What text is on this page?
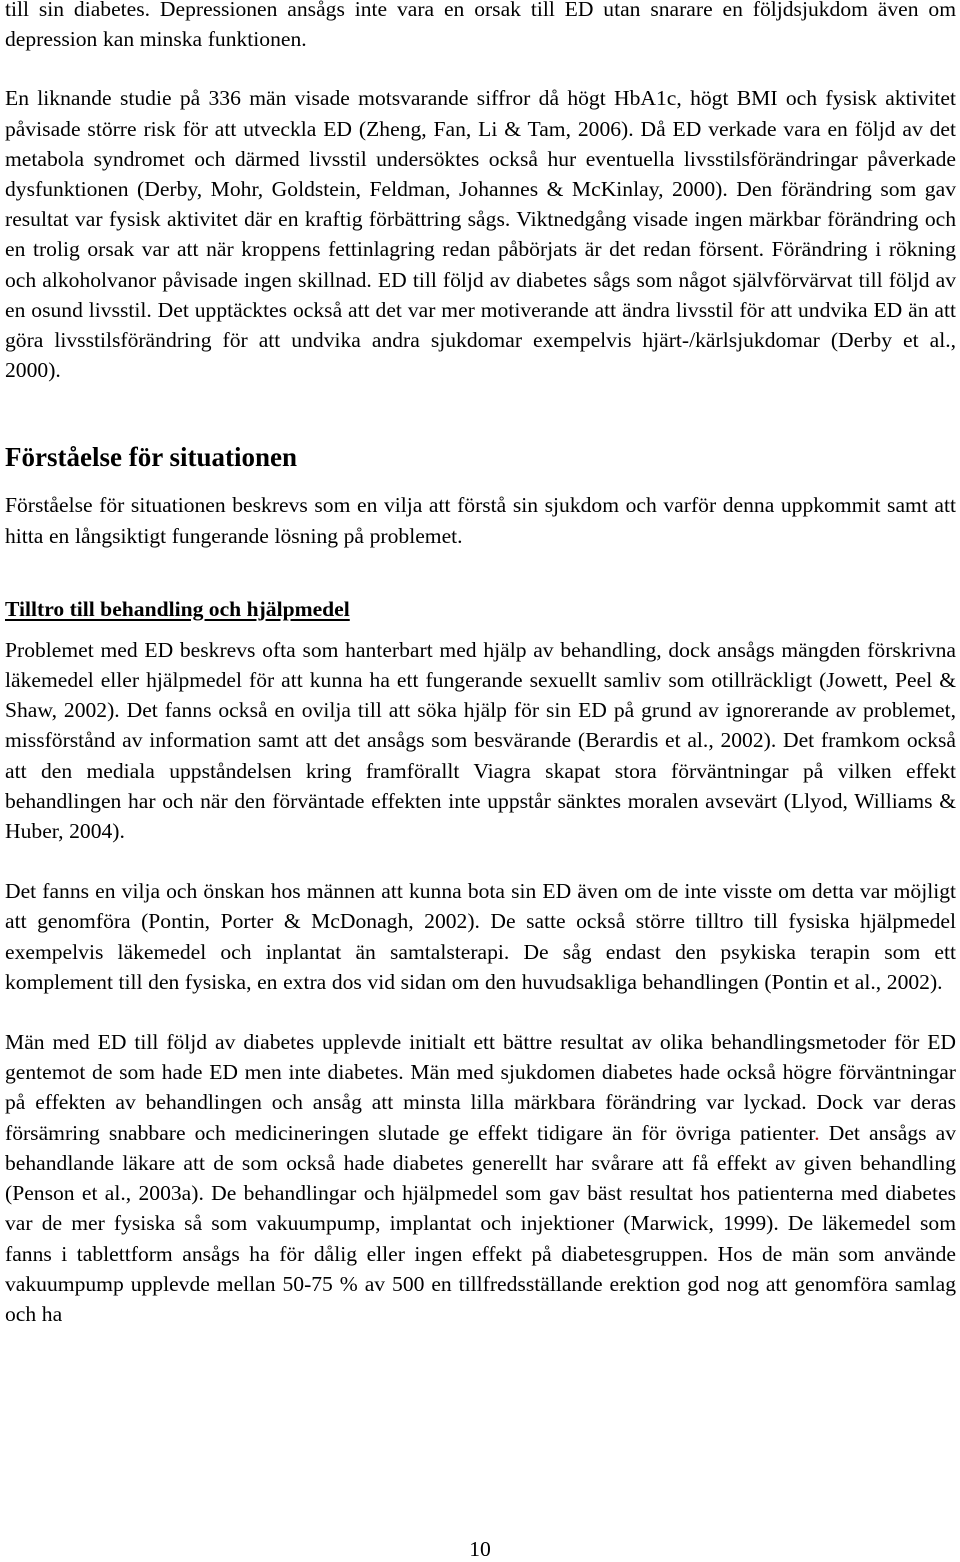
till sin diabetes. Depressionen ansågs inte vara en orsak till ED utan snarare en följdsjukdom även om depression kan minska funktionen.

En liknande studie på 336 män visade motsvarande siffror då högt HbA1c, högt BMI och fysisk aktivitet påvisade större risk för att utveckla ED (Zheng, Fan, Li & Tam, 2006). Då ED verkade vara en följd av det metabola syndromet och därmed livsstil undersöktes också hur eventuella livsstilsförändringar påverkade dysfunktionen (Derby, Mohr, Goldstein, Feldman, Johannes & McKinlay, 2000). Den förändring som gav resultat var fysisk aktivitet där en kraftig förbättring sågs. Viktnedgång visade ingen märkbar förändring och en trolig orsak var att när kroppens fettinlagring redan påbörjats är det redan försent. Förändring i rökning och alkoholvanor påvisade ingen skillnad. ED till följd av diabetes sågs som något självförvärvat till följd av en osund livsstil. Det upptäcktes också att det var mer motiverande att ändra livsstil för att undvika ED än att göra livsstilsförändring för att undvika andra sjukdomar exempelvis hjärt-/kärlsjukdomar (Derby et al., 2000).

Förståelse för situationen

Förståelse för situationen beskrevs som en vilja att förstå sin sjukdom och varför denna uppkommit samt att hitta en långsiktigt fungerande lösning på problemet.

Tilltro till behandling och hjälpmedel

Problemet med ED beskrevs ofta som hanterbart med hjälp av behandling, dock ansågs mängden förskrivna läkemedel eller hjälpmedel för att kunna ha ett fungerande sexuellt samliv som otillräckligt (Jowett, Peel & Shaw, 2002). Det fanns också en ovilja till att söka hjälp för sin ED på grund av ignorerande av problemet, missförstånd av information samt att det ansågs som besvärande (Berardis et al., 2002). Det framkom också att den mediala uppståndelsen kring framförallt Viagra skapat stora förväntningar på vilken effekt behandlingen har och när den förväntade effekten inte uppstår sänktes moralen avsevärt (Llyod, Williams & Huber, 2004).

Det fanns en vilja och önskan hos männen att kunna bota sin ED även om de inte visste om detta var möjligt att genomföra (Pontin, Porter & McDonagh, 2002). De satte också större tilltro till fysiska hjälpmedel exempelvis läkemedel och inplantat än samtalsterapi. De såg endast den psykiska terapin som ett komplement till den fysiska, en extra dos vid sidan om den huvudsakliga behandlingen (Pontin et al., 2002).

Män med ED till följd av diabetes upplevde initialt ett bättre resultat av olika behandlingsmetoder för ED gentemot de som hade ED men inte diabetes. Män med sjukdomen diabetes hade också högre förväntningar på effekten av behandlingen och ansåg att minsta lilla märkbara förändring var lyckad. Dock var deras försämring snabbare och medicineringen slutade ge effekt tidigare än för övriga patienter. Det ansågs av behandlande läkare att de som också hade diabetes generellt har svårare att få effekt av given behandling (Penson et al., 2003a). De behandlingar och hjälpmedel som gav bäst resultat hos patienterna med diabetes var de mer fysiska så som vakuumpump, implantat och injektioner (Marwick, 1999). De läkemedel som fanns i tablettform ansågs ha för dålig eller ingen effekt på diabetesgruppen. Hos de män som använde vakuumpump upplevde mellan 50-75 % av 500 en tillfredsställande erektion god nog att genomföra samlag och ha

10
